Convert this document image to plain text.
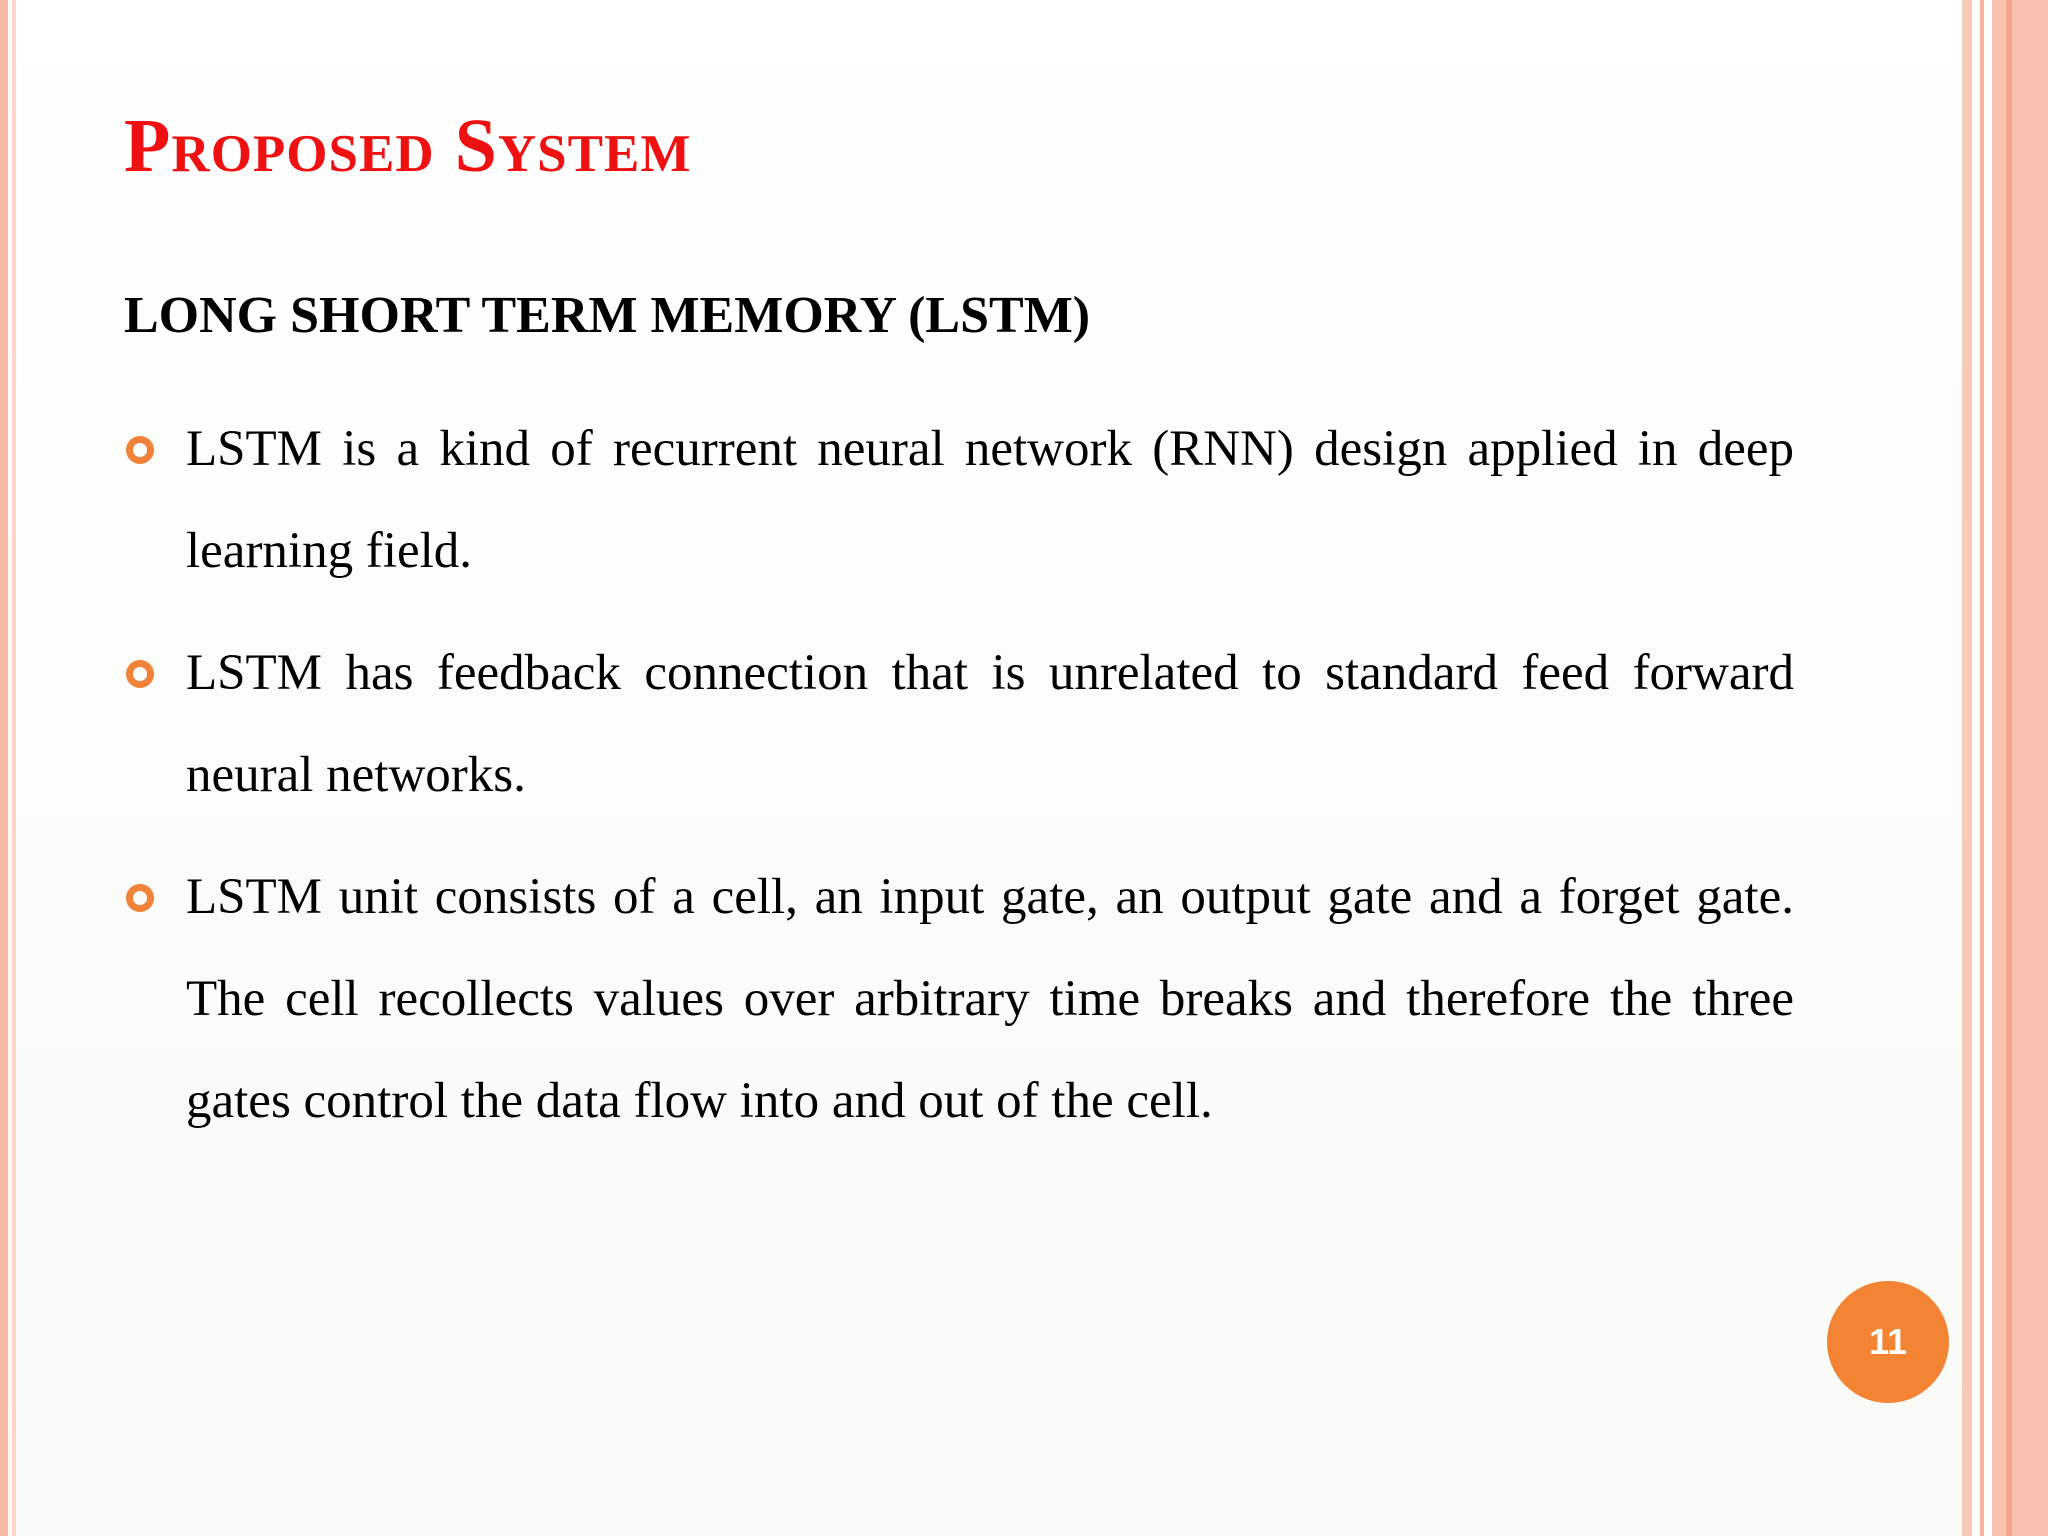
Proposed System
LONG SHORT TERM MEMORY (LSTM)
LSTM is a kind of recurrent neural network (RNN) design applied in deep learning field.
LSTM has feedback connection that is unrelated to standard feed forward neural networks.
LSTM unit consists of a cell, an input gate, an output gate and a forget gate. The cell recollects values over arbitrary time breaks and therefore the three gates control the data flow into and out of the cell.
11
